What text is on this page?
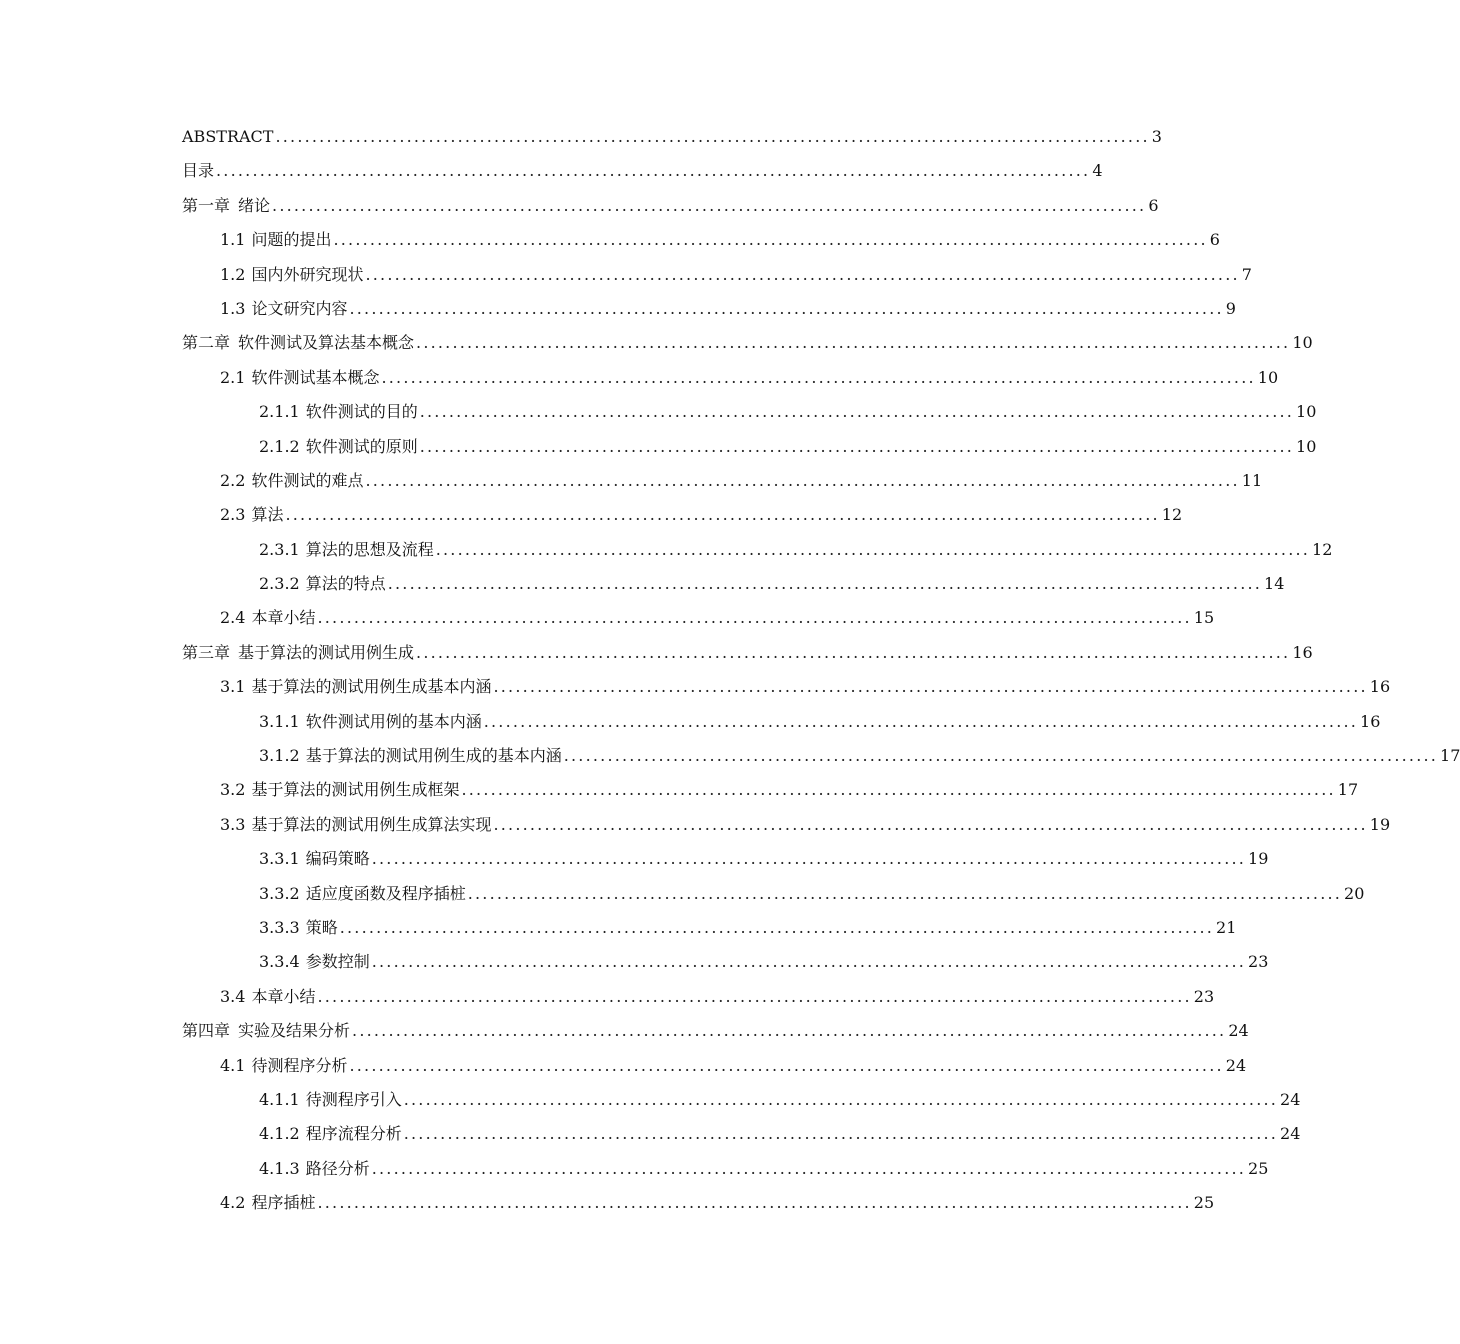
ABSTRACT ........................................................................................................................ 3
目录 ........................................................................................................................ 4
第一章 绪论 ........................................................................................................................ 6
1.1 问题的提出 ........................................................................................................................ 6
1.2 国内外研究现状 ........................................................................................................................ 7
1.3 论文研究内容 ........................................................................................................................ 9
第二章 软件测试及算法基本概念 ........................................................................................................................ 10
2.1 软件测试基本概念 ........................................................................................................................ 10
2.1.1 软件测试的目的 ........................................................................................................................ 10
2.1.2 软件测试的原则 ........................................................................................................................ 10
2.2 软件测试的难点 ........................................................................................................................ 11
2.3 算法 ........................................................................................................................ 12
2.3.1 算法的思想及流程 ........................................................................................................................ 12
2.3.2 算法的特点 ........................................................................................................................ 14
2.4 本章小结 ........................................................................................................................ 15
第三章 基于算法的测试用例生成 ........................................................................................................................ 16
3.1 基于算法的测试用例生成基本内涵 ........................................................................................................................ 16
3.1.1 软件测试用例的基本内涵 ........................................................................................................................ 16
3.1.2 基于算法的测试用例生成的基本内涵 ........................................................................................................................ 17
3.2 基于算法的测试用例生成框架 ........................................................................................................................ 17
3.3 基于算法的测试用例生成算法实现 ........................................................................................................................ 19
3.3.1 编码策略 ........................................................................................................................ 19
3.3.2 适应度函数及程序插桩 ........................................................................................................................ 20
3.3.3 策略 ........................................................................................................................ 21
3.3.4 参数控制 ........................................................................................................................ 23
3.4 本章小结 ........................................................................................................................ 23
第四章 实验及结果分析 ........................................................................................................................ 24
4.1 待测程序分析 ........................................................................................................................ 24
4.1.1 待测程序引入 ........................................................................................................................ 24
4.1.2 程序流程分析 ........................................................................................................................ 24
4.1.3 路径分析 ........................................................................................................................ 25
4.2 程序插桩 ........................................................................................................................ 25
